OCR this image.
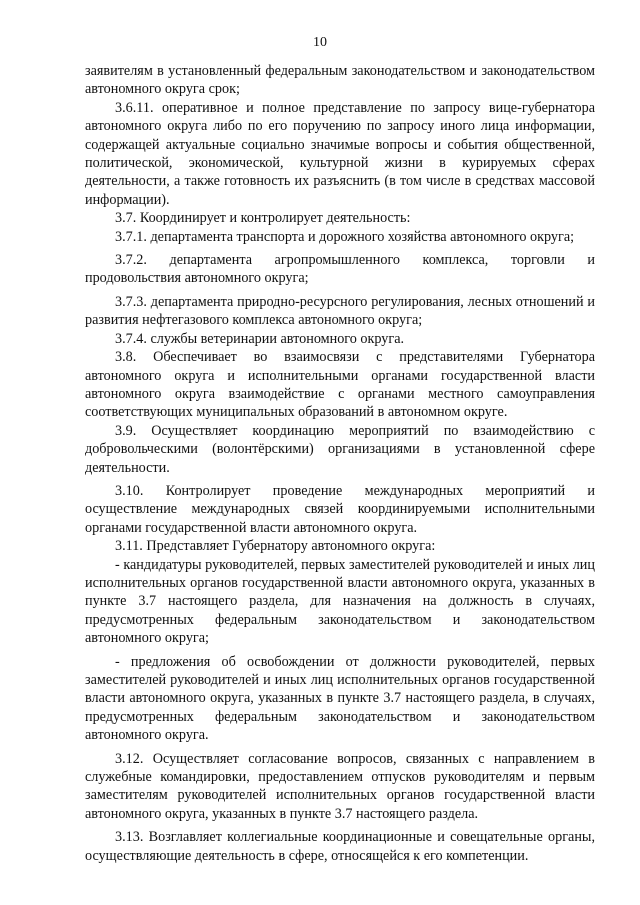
10

заявителям в установленный федеральным законодательством и законодательством автономного округа срок;

3.6.11. оперативное и полное представление по запросу вице-губернатора автономного округа либо по его поручению по запросу иного лица информации, содержащей актуальные социально значимые вопросы и события общественной, политической, экономической, культурной жизни в курируемых сферах деятельности, а также готовность их разъяснить (в том числе в средствах массовой информации).

3.7. Координирует и контролирует деятельность:

3.7.1. департамента транспорта и дорожного хозяйства автономного округа;

3.7.2. департамента агропромышленного комплекса, торговли и продовольствия автономного округа;

3.7.3. департамента природно-ресурсного регулирования, лесных отношений и развития нефтегазового комплекса автономного округа;

3.7.4. службы ветеринарии автономного округа.

3.8. Обеспечивает во взаимосвязи с представителями Губернатора автономного округа и исполнительными органами государственной власти автономного округа взаимодействие с органами местного самоуправления соответствующих муниципальных образований в автономном округе.

3.9. Осуществляет координацию мероприятий по взаимодействию с добровольческими (волонтёрскими) организациями в установленной сфере деятельности.

3.10. Контролирует проведение международных мероприятий и осуществление международных связей координируемыми исполнительными органами государственной власти автономного округа.

3.11. Представляет Губернатору автономного округа:

- кандидатуры руководителей, первых заместителей руководителей и иных лиц исполнительных органов государственной власти автономного округа, указанных в пункте 3.7 настоящего раздела, для назначения на должность в случаях, предусмотренных федеральным законодательством и законодательством автономного округа;

- предложения об освобождении от должности руководителей, первых заместителей руководителей и иных лиц исполнительных органов государственной власти автономного округа, указанных в пункте 3.7 настоящего раздела, в случаях, предусмотренных федеральным законодательством и законодательством автономного округа.

3.12. Осуществляет согласование вопросов, связанных с направлением в служебные командировки, предоставлением отпусков руководителям и первым заместителям руководителей исполнительных органов государственной власти автономного округа, указанных в пункте 3.7 настоящего раздела.

3.13. Возглавляет коллегиальные координационные и совещательные органы, осуществляющие деятельность в сфере, относящейся к его компетенции.
